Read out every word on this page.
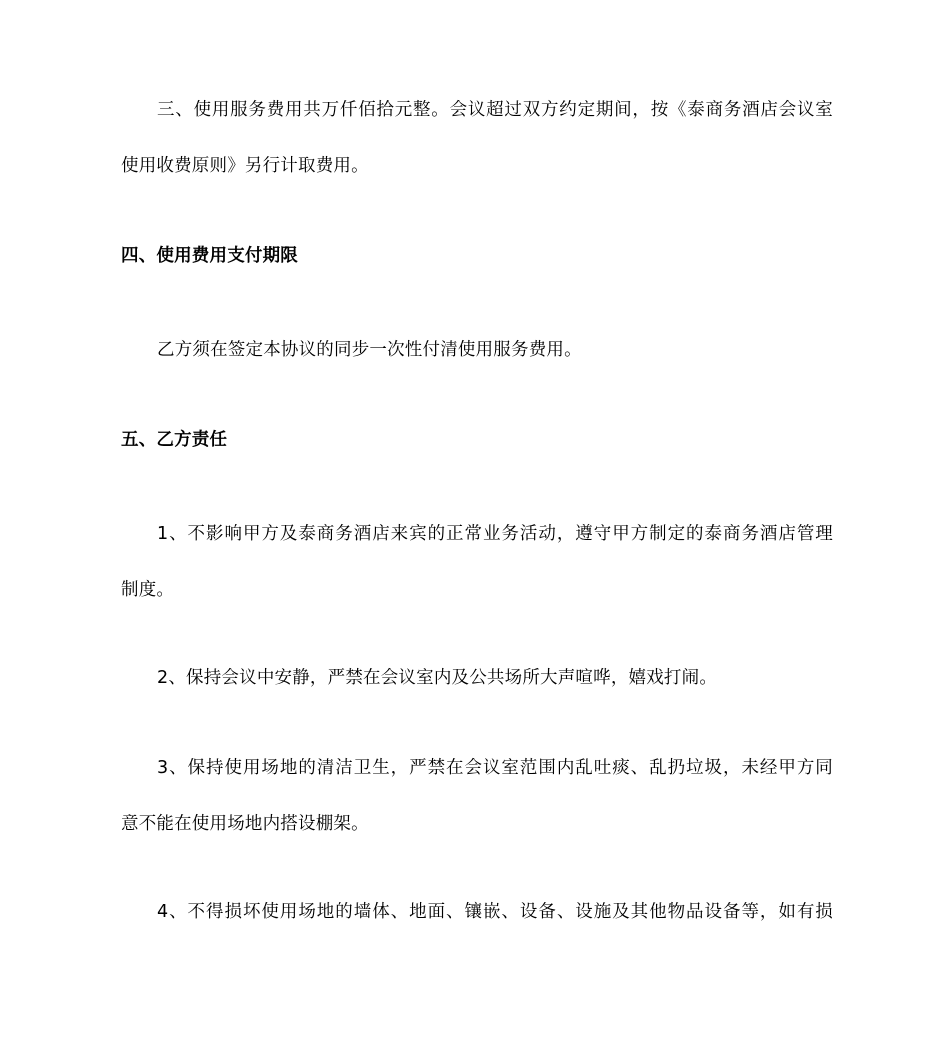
三、使用服务费用共万仟佰拾元整。会议超过双方约定期间，按《泰商务酒店会议室
使用收费原则》另行计取费用。
四、使用费用支付期限
乙方须在签定本协议的同步一次性付清使用服务费用。
五、乙方责任
1、不影响甲方及泰商务酒店来宾的正常业务活动，遵守甲方制定的泰商务酒店管理
制度。
2、保持会议中安静，严禁在会议室内及公共场所大声喧哗，嬉戏打闹。
3、保持使用场地的清洁卫生，严禁在会议室范围内乱吐痰、乱扔垃圾，未经甲方同
意不能在使用场地内搭设棚架。
4、不得损坏使用场地的墙体、地面、镶嵌、设备、设施及其他物品设备等，如有损
